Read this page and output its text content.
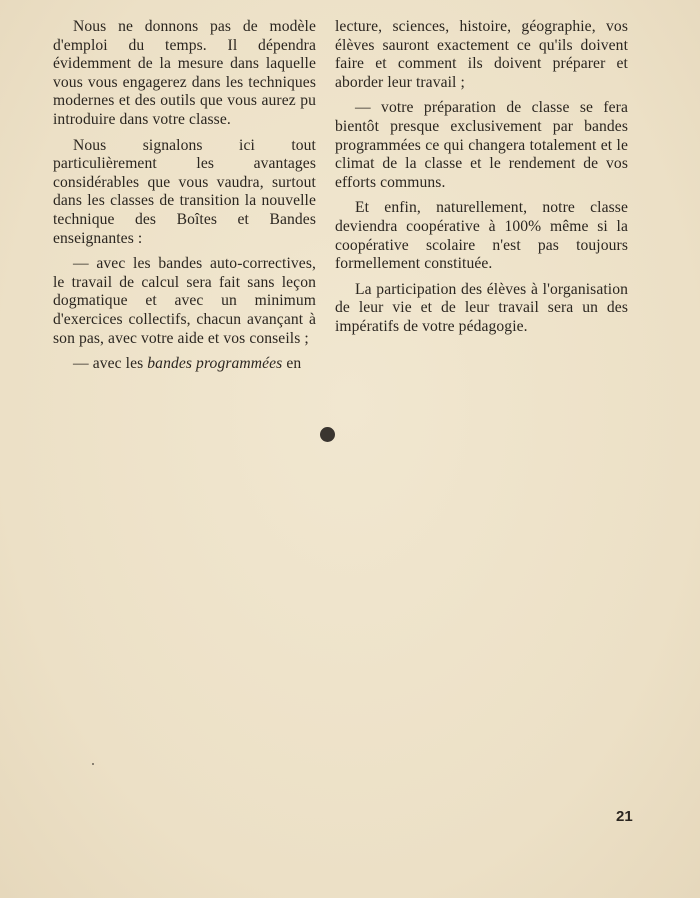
Nous ne donnons pas de modèle d'emploi du temps. Il dépendra évidemment de la mesure dans laquelle vous vous engagerez dans les techniques modernes et des outils que vous aurez pu introduire dans votre classe.

Nous signalons ici tout particulièrement les avantages considérables que vous vaudra, surtout dans les classes de transition la nouvelle technique des Boîtes et Bandes enseignantes :

— avec les bandes auto-correctives, le travail de calcul sera fait sans leçon dogmatique et avec un minimum d'exercices collectifs, chacun avançant à son pas, avec votre aide et vos conseils ;

— avec les bandes programmées en

lecture, sciences, histoire, géographie, vos élèves sauront exactement ce qu'ils doivent faire et comment ils doivent préparer et aborder leur travail ;

— votre préparation de classe se fera bientôt presque exclusivement par bandes programmées ce qui changera totalement et le climat de la classe et le rendement de vos efforts communs.

Et enfin, naturellement, notre classe deviendra coopérative à 100% même si la coopérative scolaire n'est pas toujours formellement constituée.

La participation des élèves à l'organisation de leur vie et de leur travail sera un des impératifs de votre pédagogie.

21
